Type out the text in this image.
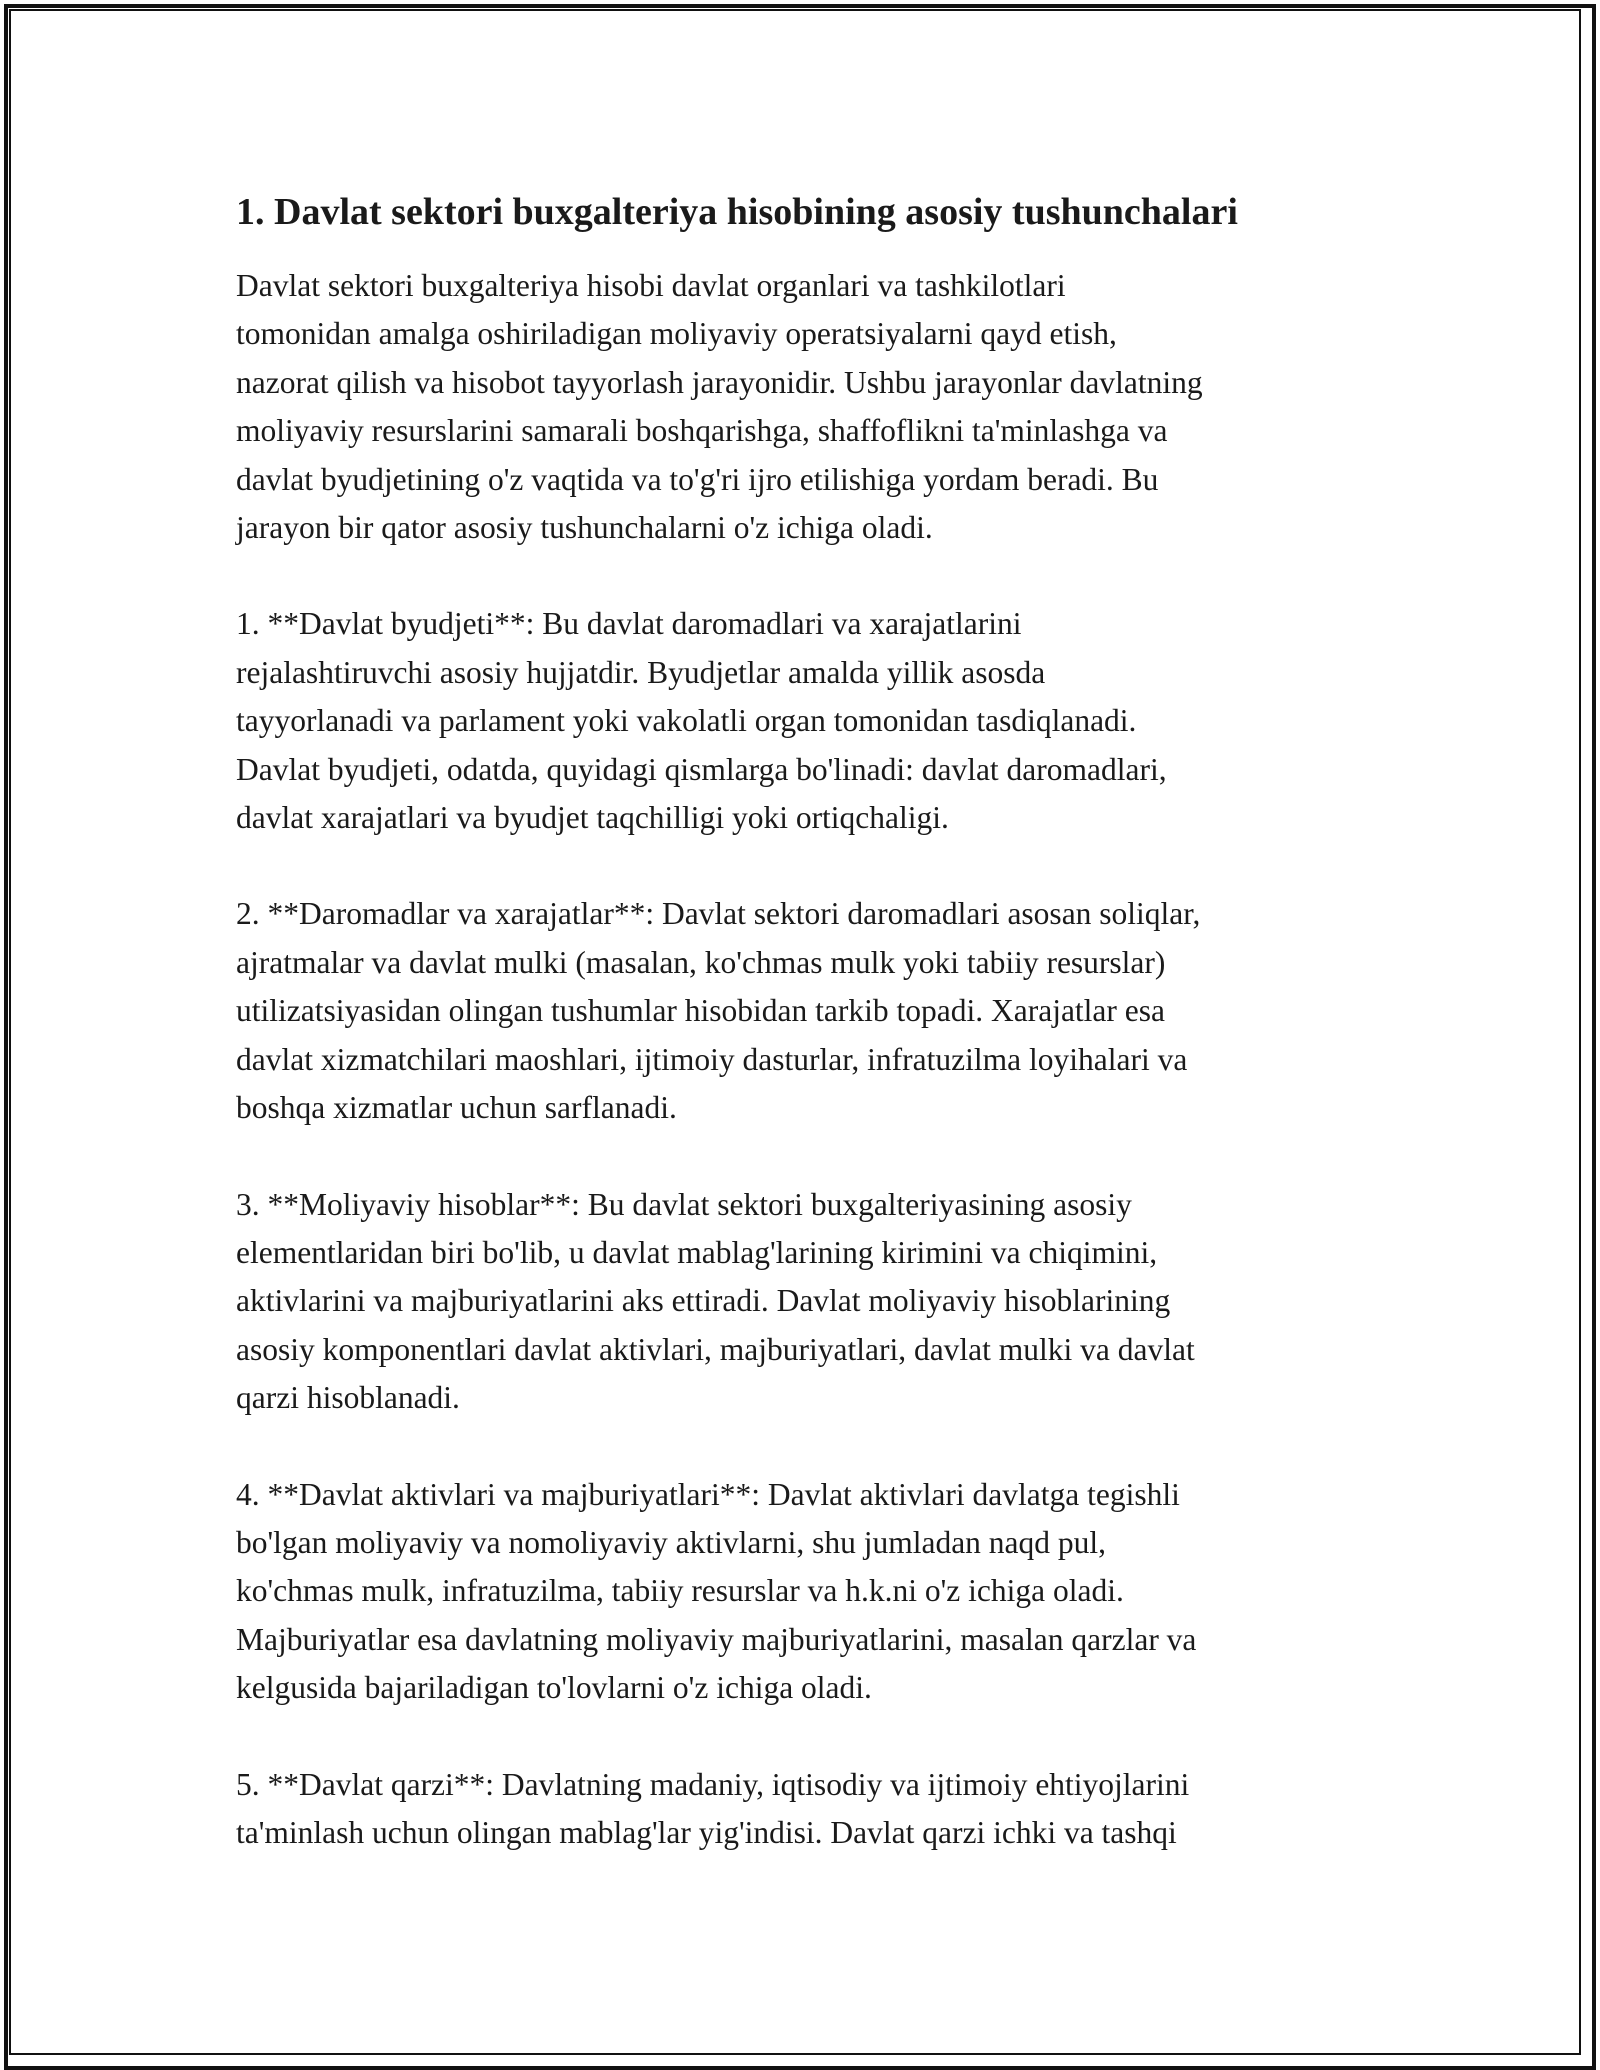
1. Davlat sektori buxgalteriya hisobining asosiy tushunchalari

Davlat sektori buxgalteriya hisobi davlat organlari va tashkilotlari
tomonidan amalga oshiriladigan moliyaviy operatsiyalarni qayd etish,
nazorat qilish va hisobot tayyorlash jarayonidir. Ushbu jarayonlar davlatning
moliyaviy resurslarini samarali boshqarishga, shaffoflikni ta'minlashga va
davlat byudjetining o'z vaqtida va to'g'ri ijro etilishiga yordam beradi. Bu
jarayon bir qator asosiy tushunchalarni o'z ichiga oladi.

1. **Davlat byudjeti**: Bu davlat daromadlari va xarajatlarini
rejalashtiruvchi asosiy hujjatdir. Byudjetlar amalda yillik asosda
tayyorlanadi va parlament yoki vakolatli organ tomonidan tasdiqlanadi.
Davlat byudjeti, odatda, quyidagi qismlarga bo'linadi: davlat daromadlari,
davlat xarajatlari va byudjet taqchilligi yoki ortiqchaligi.

2. **Daromadlar va xarajatlar**: Davlat sektori daromadlari asosan soliqlar,
ajratmalar va davlat mulki (masalan, ko'chmas mulk yoki tabiiy resurslar)
utilizatsiyasidan olingan tushumlar hisobidan tarkib topadi. Xarajatlar esa
davlat xizmatchilari maoshlari, ijtimoiy dasturlar, infratuzilma loyihalari va
boshqa xizmatlar uchun sarflanadi.

3. **Moliyaviy hisoblar**: Bu davlat sektori buxgalteriyasining asosiy
elementlaridan biri bo'lib, u davlat mablag'larining kirimini va chiqimini,
aktivlarini va majburiyatlarini aks ettiradi. Davlat moliyaviy hisoblarining
asosiy komponentlari davlat aktivlari, majburiyatlari, davlat mulki va davlat
qarzi hisoblanadi.

4. **Davlat aktivlari va majburiyatlari**: Davlat aktivlari davlatga tegishli
bo'lgan moliyaviy va nomoliyaviy aktivlarni, shu jumladan naqd pul,
ko'chmas mulk, infratuzilma, tabiiy resurslar va h.k.ni o'z ichiga oladi.
Majburiyatlar esa davlatning moliyaviy majburiyatlarini, masalan qarzlar va
kelgusida bajariladigan to'lovlarni o'z ichiga oladi.

5. **Davlat qarzi**: Davlatning madaniy, iqtisodiy va ijtimoiy ehtiyojlarini
ta'minlash uchun olingan mablag'lar yig'indisi. Davlat qarzi ichki va tashqi
